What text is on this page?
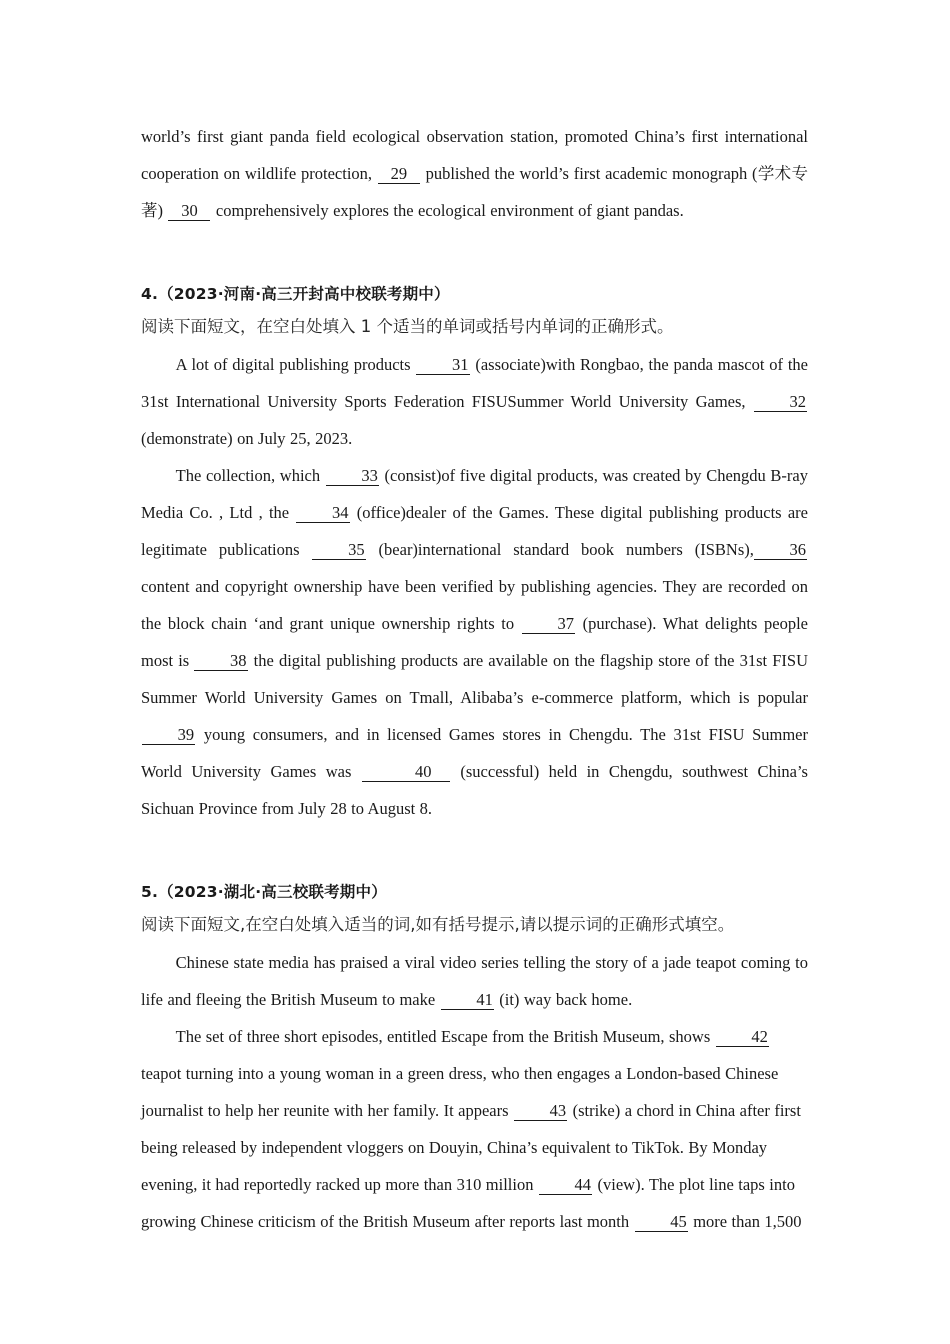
world’s first giant panda field ecological observation station, promoted China’s first international cooperation on wildlife protection, 29 published the world’s first academic monograph (学术专著) 30 comprehensively explores the ecological environment of giant pandas.

4.（2023·河南·高三开封高中校联考期中）

阅读下面短文，在空白处填入 1 个适当的单词或括号内单词的正确形式。

A lot of digital publishing products 31 (associate)with Rongbao, the panda mascot of the 31st International University Sports Federation FISUSummer World University Games, 32 (demonstrate) on July 25, 2023.

The collection, which 33 (consist)of five digital products, was created by Chengdu B-ray Media Co. , Ltd , the 34 (office)dealer of the Games. These digital publishing products are legitimate publications 35 (bear)international standard book numbers (ISBNs), 36 content and copyright ownership have been verified by publishing agencies. They are recorded on the block chain ‘and grant unique ownership rights to 37 (purchase). What delights people most is 38 the digital publishing products are available on the flagship store of the 31st FISU Summer World University Games on Tmall, Alibaba’s e-commerce platform, which is popular 39 young consumers, and in licensed Games stores in Chengdu. The 31st FISU Summer World University Games was	40 (successful) held in Chengdu, southwest China’s Sichuan Province from July 28 to August 8.

5.（2023·湖北·高三校联考期中）

阅读下面短文,在空白处填入适当的词,如有括号提示,请以提示词的正确形式填空。

Chinese state media has praised a viral video series telling the story of a jade teapot coming to life and fleeing the British Museum to make 41 (it) way back home.

The set of three short episodes, entitled Escape from the British Museum, shows 42 teapot turning into a young woman in a green dress, who then engages a London-based Chinese journalist to help her reunite with her family. It appears 43 (strike) a chord in China after first being released by independent vloggers on Douyin, China’s equivalent to TikTok. By Monday evening, it had reportedly racked up more than 310 million 44 (view). The plot line taps into growing Chinese criticism of the British Museum after reports last month 45 more than 1,500
